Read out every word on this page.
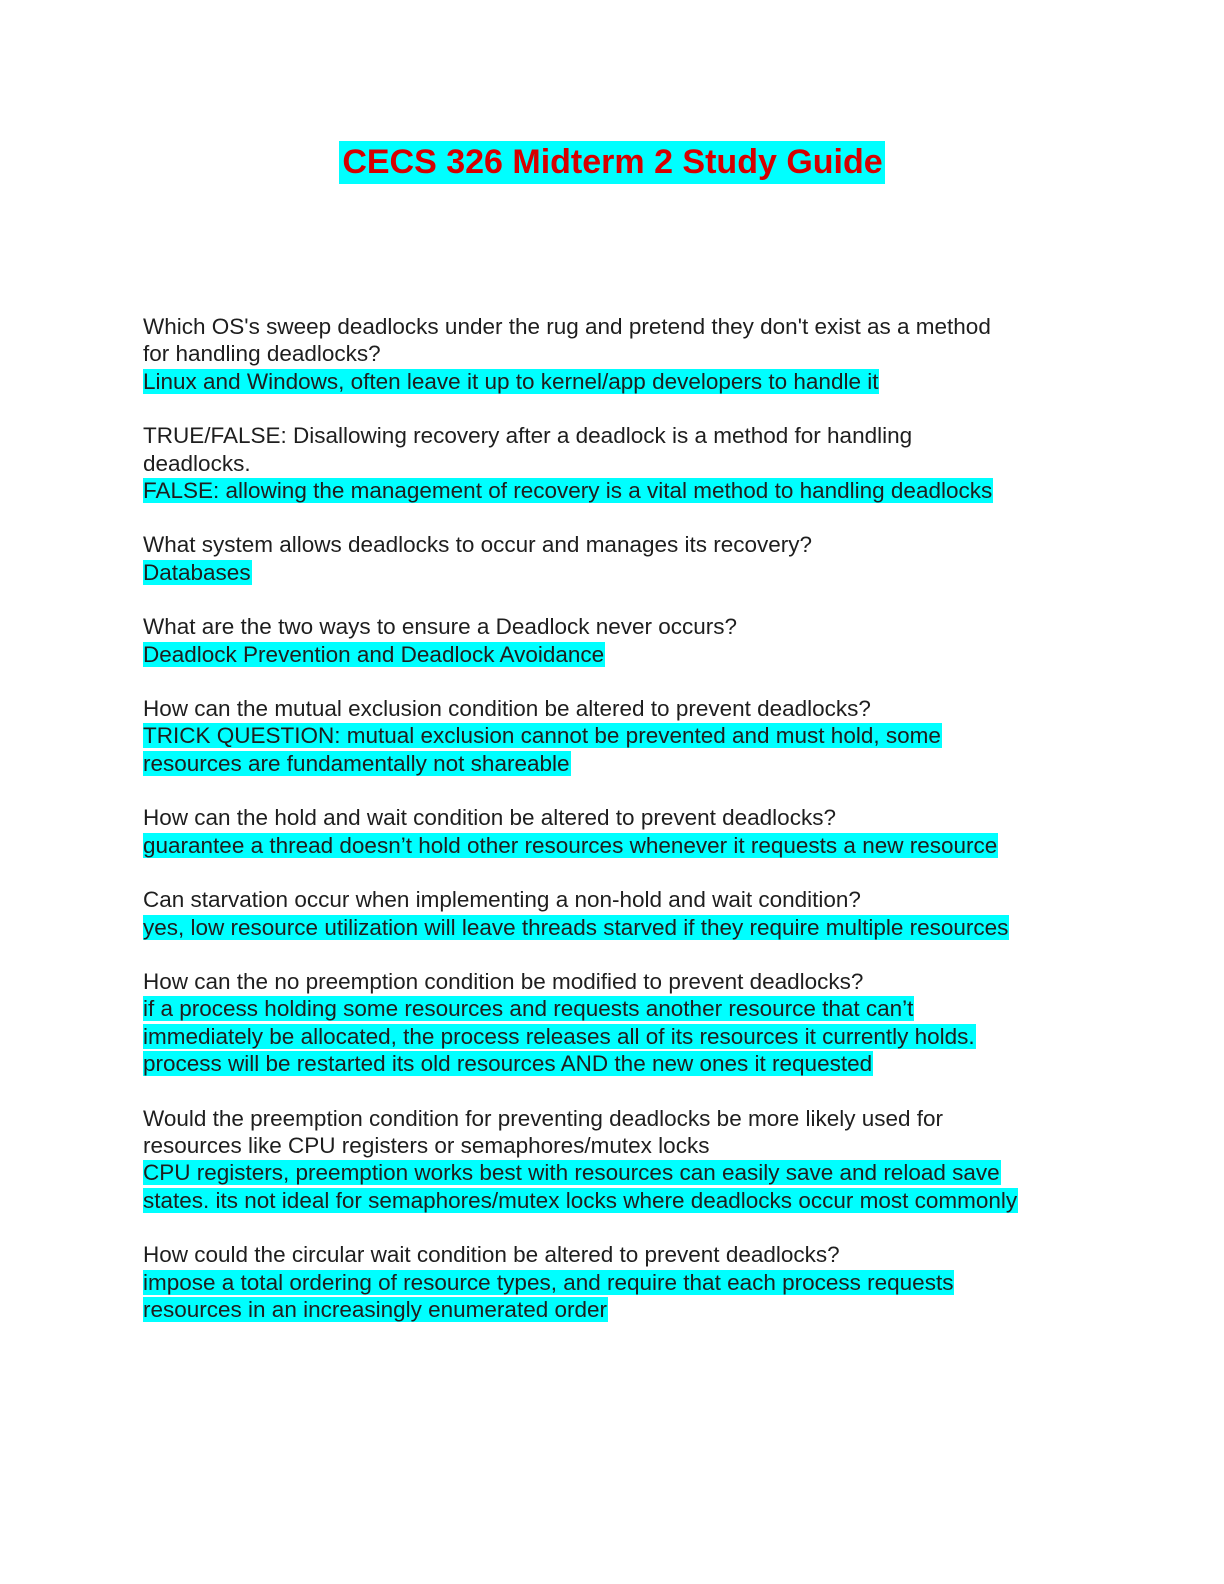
CECS 326 Midterm 2 Study Guide
Which OS's sweep deadlocks under the rug and pretend they don't exist as a method
for handling deadlocks?
Linux and Windows, often leave it up to kernel/app developers to handle it
TRUE/FALSE: Disallowing recovery after a deadlock is a method for handling
deadlocks.
FALSE: allowing the management of recovery is a vital method to handling deadlocks
What system allows deadlocks to occur and manages its recovery?
Databases
What are the two ways to ensure a Deadlock never occurs?
Deadlock Prevention and Deadlock Avoidance
How can the mutual exclusion condition be altered to prevent deadlocks?
TRICK QUESTION: mutual exclusion cannot be prevented and must hold, some
resources are fundamentally not shareable
How can the hold and wait condition be altered to prevent deadlocks?
guarantee a thread doesn’t hold other resources whenever it requests a new resource
Can starvation occur when implementing a non-hold and wait condition?
yes, low resource utilization will leave threads starved if they require multiple resources
How can the no preemption condition be modified to prevent deadlocks?
if a process holding some resources and requests another resource that can’t
immediately be allocated, the process releases all of its resources it currently holds.
process will be restarted its old resources AND the new ones it requested
Would the preemption condition for preventing deadlocks be more likely used for
resources like CPU registers or semaphores/mutex locks
CPU registers, preemption works best with resources can easily save and reload save
states. its not ideal for semaphores/mutex locks where deadlocks occur most commonly
How could the circular wait condition be altered to prevent deadlocks?
impose a total ordering of resource types, and require that each process requests
resources in an increasingly enumerated order
